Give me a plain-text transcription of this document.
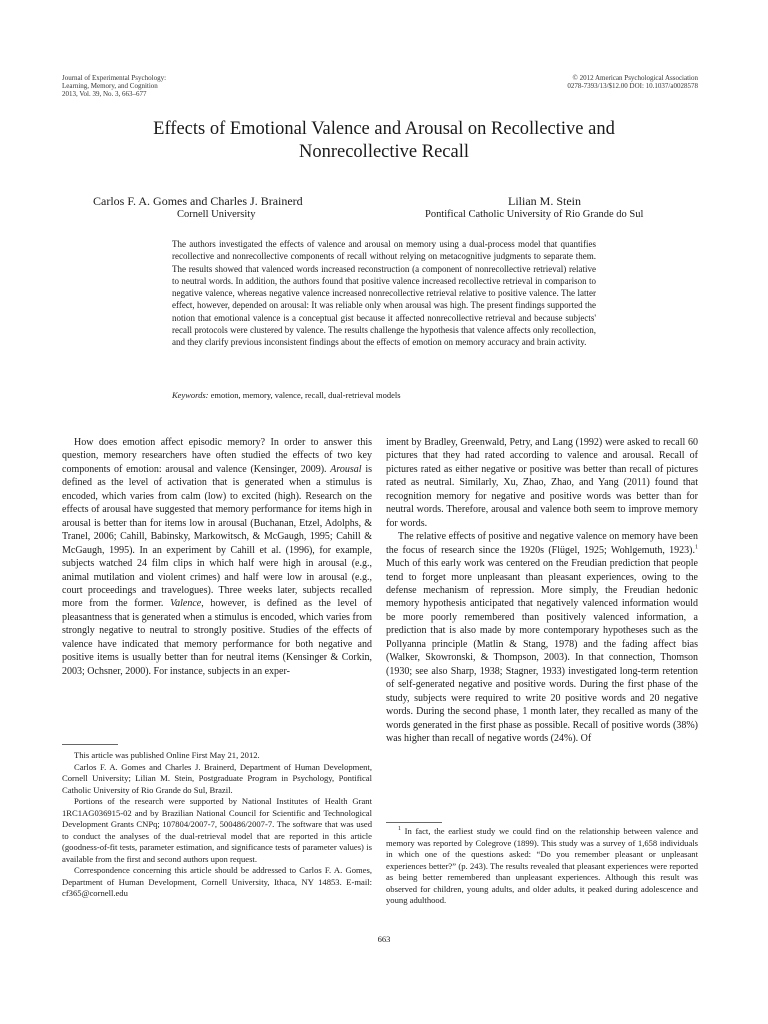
Journal of Experimental Psychology:
Learning, Memory, and Cognition
2013, Vol. 39, No. 3, 663–677
© 2012 American Psychological Association
0278-7393/13/$12.00 DOI: 10.1037/a0028578
Effects of Emotional Valence and Arousal on Recollective and
Nonrecollective Recall
Carlos F. A. Gomes and Charles J. Brainerd
Cornell University
Lilian M. Stein
Pontifical Catholic University of Rio Grande do Sul

The authors investigated the effects of valence and arousal on memory using a dual-process model that quantifies recollective and nonrecollective components of recall without relying on metacognitive judgments to separate them. The results showed that valenced words increased reconstruction (a component of nonrecollective retrieval) relative to neutral words. In addition, the authors found that positive valence increased recollective retrieval in comparison to negative valence, whereas negative valence increased nonrecollective retrieval relative to positive valence. The latter effect, however, depended on arousal: It was reliable only when arousal was high. The present findings supported the notion that emotional valence is a conceptual gist because it affected nonrecollective retrieval and because subjects' recall protocols were clustered by valence. The results challenge the hypothesis that valence affects only recollection, and they clarify previous inconsistent findings about the effects of emotion on memory accuracy and brain activity.

Keywords: emotion, memory, valence, recall, dual-retrieval models

How does emotion affect episodic memory? In order to answer this question, memory researchers have often studied the effects of two key components of emotion: arousal and valence (Kensinger, 2009). Arousal is defined as the level of activation that is generated when a stimulus is encoded, which varies from calm (low) to excited (high). Research on the effects of arousal have suggested that memory performance for items high in arousal is better than for items low in arousal (Buchanan, Etzel, Adolphs, & Tranel, 2006; Cahill, Babinsky, Markowitsch, & McGaugh, 1995; Cahill & McGaugh, 1995). In an experiment by Cahill et al. (1996), for example, subjects watched 24 film clips in which half were high in arousal (e.g., animal mutilation and violent crimes) and half were low in arousal (e.g., court proceedings and travelogues). Three weeks later, subjects recalled more from the former. Valence, however, is defined as the level of pleasantness that is generated when a stimulus is encoded, which varies from strongly negative to neutral to strongly positive. Studies of the effects of valence have indicated that memory performance for both negative and positive items is usually better than for neutral items (Kensinger & Corkin, 2003; Ochsner, 2000). For instance, subjects in an exper-

iment by Bradley, Greenwald, Petry, and Lang (1992) were asked to recall 60 pictures that they had rated according to valence and arousal. Recall of pictures rated as either negative or positive was better than recall of pictures rated as neutral. Similarly, Xu, Zhao, Zhao, and Yang (2011) found that recognition memory for negative and positive words was better than for neutral words. Therefore, arousal and valence both seem to improve memory for words.

The relative effects of positive and negative valence on memory have been the focus of research since the 1920s (Flügel, 1925; Wohlgemuth, 1923).$^1$ Much of this early work was centered on the Freudian prediction that people tend to forget more unpleasant than pleasant experiences, owing to the defense mechanism of repression. More simply, the Freudian hedonic memory hypothesis anticipated that negatively valenced information would be more poorly remembered than positively valenced information, a prediction that is also made by more contemporary hypotheses such as the Pollyanna principle (Matlin & Stang, 1978) and the fading affect bias (Walker, Skowronski, & Thompson, 2003). In that connection, Thomson (1930; see also Sharp, 1938; Stagner, 1933) investigated long-term retention of self-generated negative and positive words. During the first phase of the study, subjects were required to write 20 positive words and 20 negative words. During the second phase, 1 month later, they recalled as many of the words generated in the first phase as possible. Recall of positive words (38%) was higher than recall of negative words (24%). Of

This article was published Online First May 21, 2012.

Carlos F. A. Gomes and Charles J. Brainerd, Department of Human Development, Cornell University; Lilian M. Stein, Postgraduate Program in Psychology, Pontifical Catholic University of Rio Grande do Sul, Brazil.

Portions of the research were supported by National Institutes of Health Grant 1RC1AG036915-02 and by Brazilian National Council for Scientific and Technological Development Grants CNPq; 107804/2007-7, 500486/2007-7. The software that was used to conduct the analyses of the dual-retrieval model that are reported in this article (goodness-of-fit tests, parameter estimation, and significance tests of parameter values) is available from the first and second authors upon request.

Correspondence concerning this article should be addressed to Carlos F. A. Gomes, Department of Human Development, Cornell University, Ithaca, NY 14853. E-mail: cf365@cornell.edu

$^1$ In fact, the earliest study we could find on the relationship between valence and memory was reported by Colegrove (1899). This study was a survey of 1,658 individuals in which one of the questions asked: “Do you remember pleasant or unpleasant experiences better?” (p. 243). The results revealed that pleasant experiences were reported as being better remembered than unpleasant experiences. Although this result was observed for children, young adults, and older adults, it peaked during adolescence and young adulthood.

663
